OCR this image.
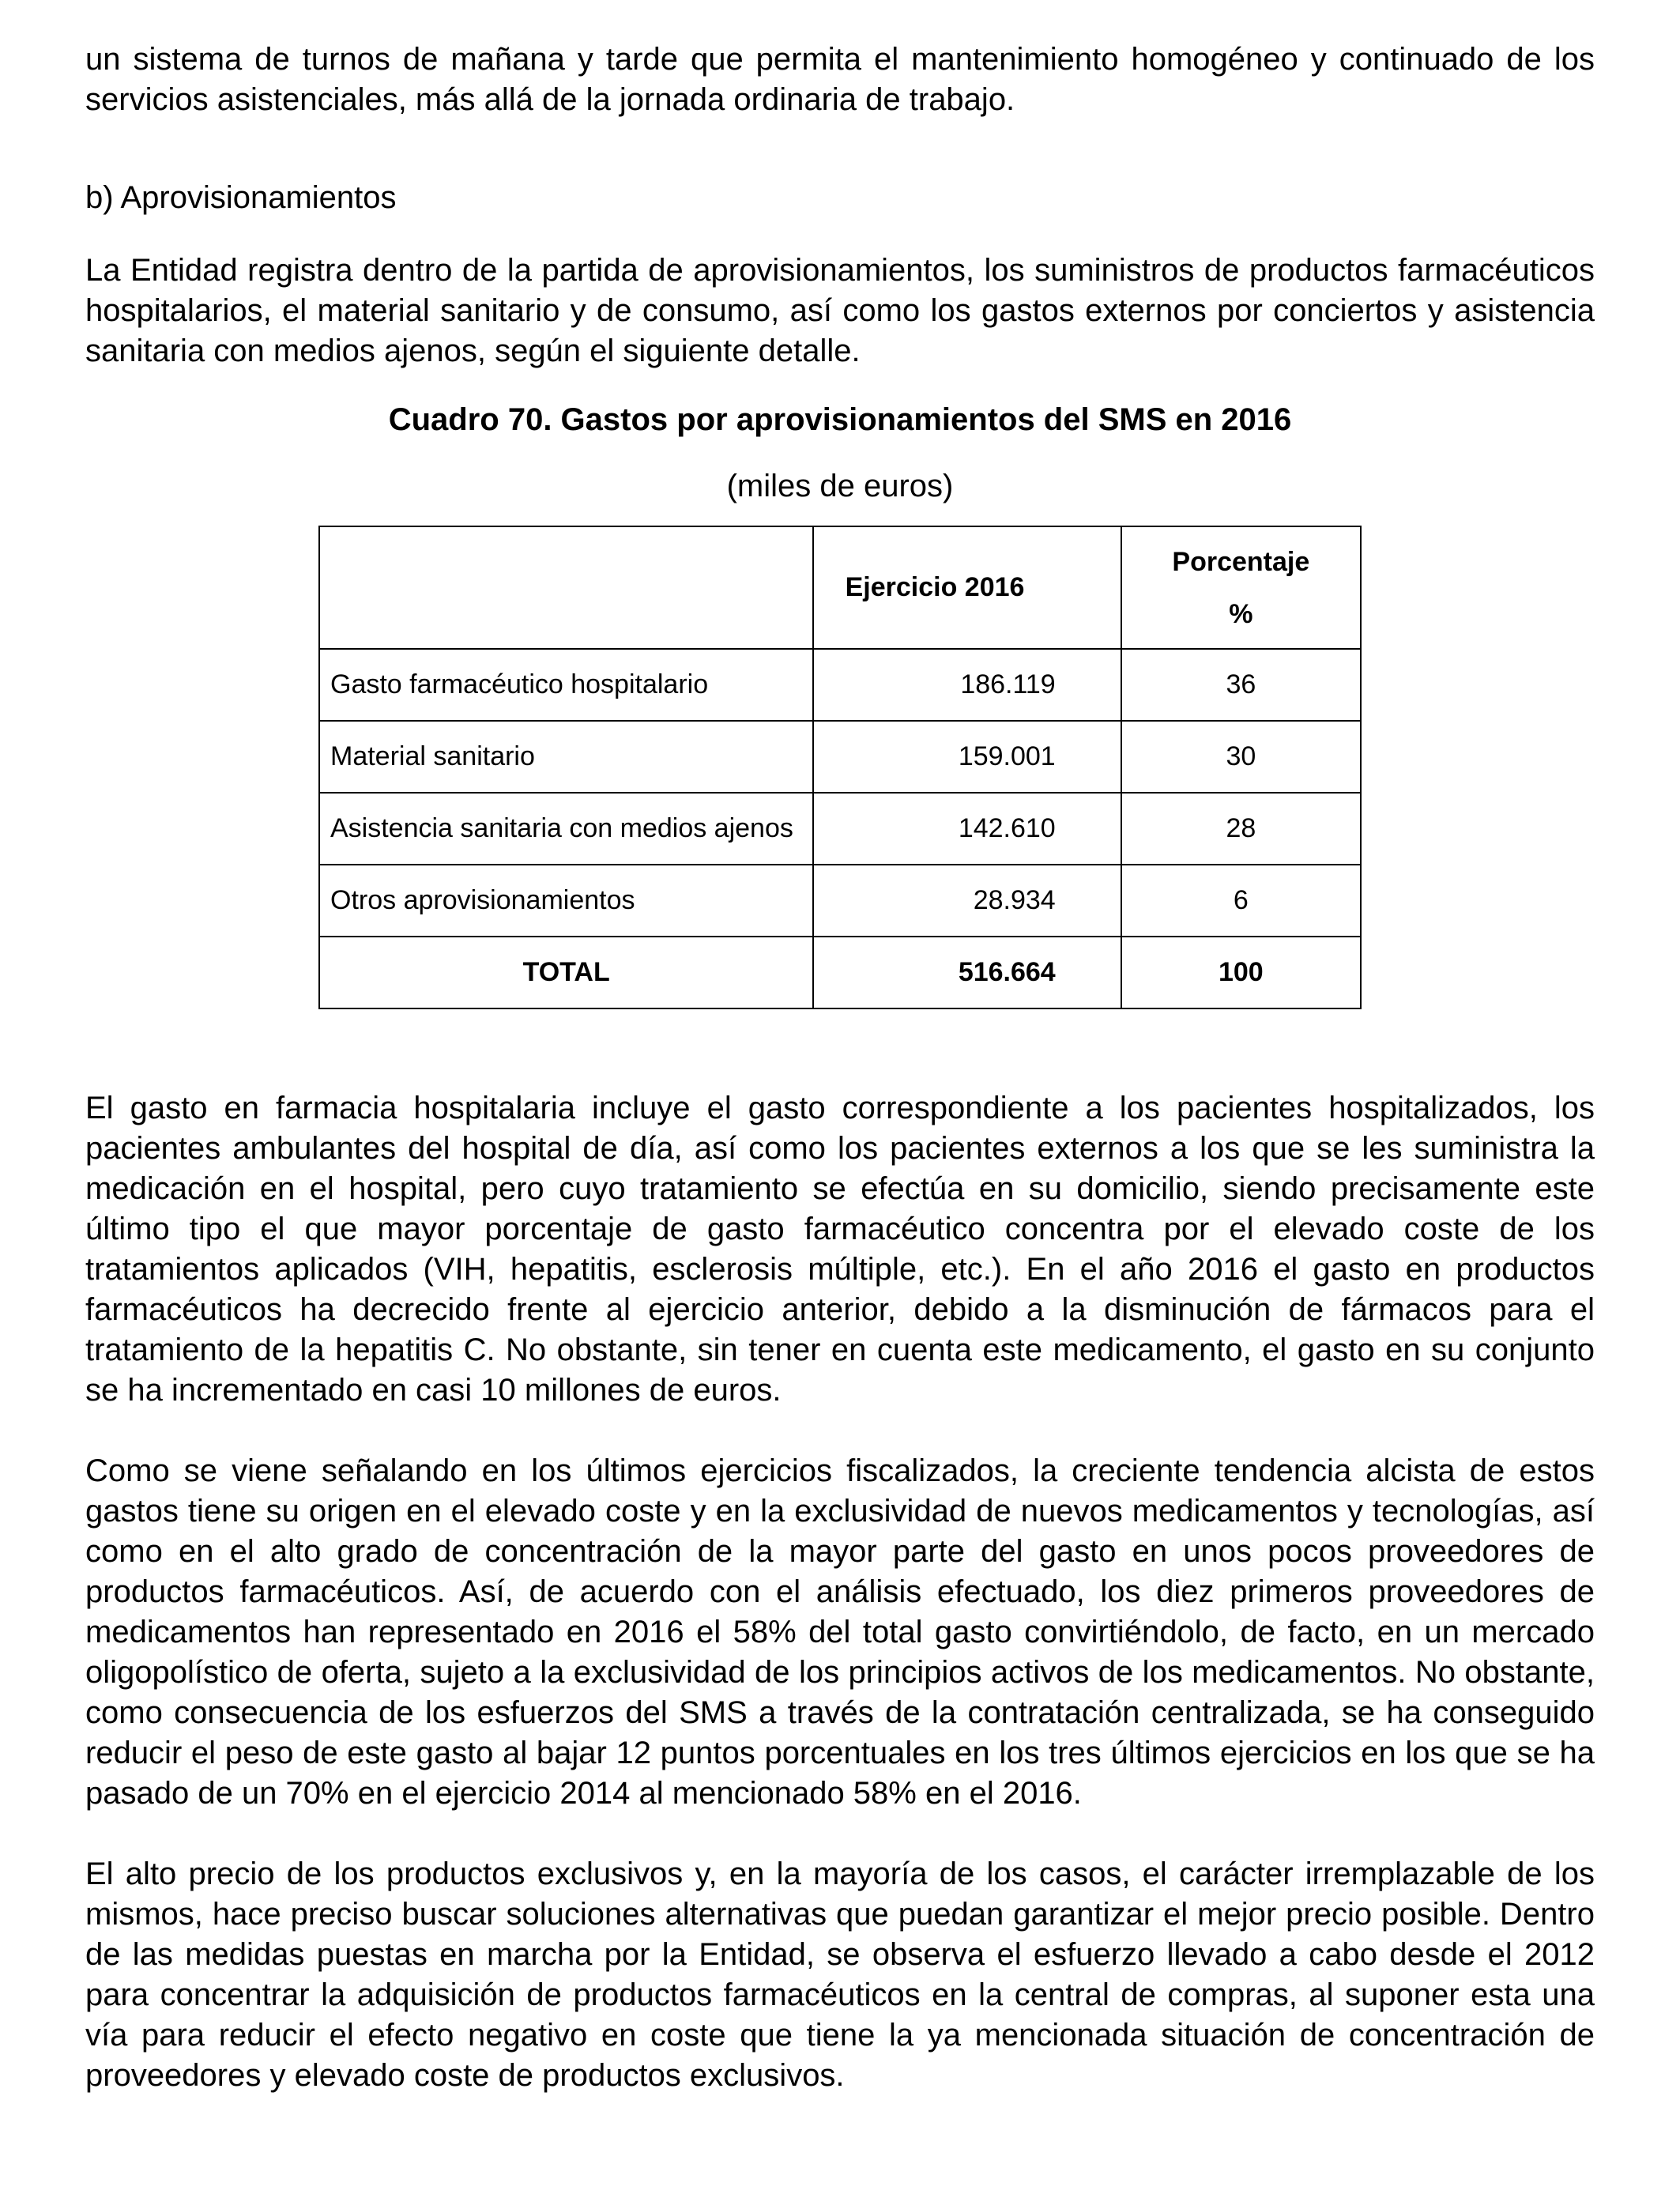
un sistema de turnos de mañana y tarde que permita el mantenimiento homogéneo y continuado de los servicios asistenciales, más allá de la jornada ordinaria de trabajo.

b) Aprovisionamientos

La Entidad registra dentro de la partida de aprovisionamientos, los suministros de productos farmacéuticos hospitalarios, el material sanitario y de consumo, así como los gastos externos por conciertos y asistencia sanitaria con medios ajenos, según el siguiente detalle.

Cuadro 70. Gastos por aprovisionamientos del SMS en 2016

(miles de euros)

	Ejercicio 2016	Porcentaje
%

Gasto farmacéutico hospitalario	186.119	36
Material sanitario	159.001	30
Asistencia sanitaria con medios ajenos	142.610	28
Otros aprovisionamientos	28.934	6
TOTAL	516.664	100

El gasto en farmacia hospitalaria incluye el gasto correspondiente a los pacientes hospitalizados, los pacientes ambulantes del hospital de día, así como los pacientes externos a los que se les suministra la medicación en el hospital, pero cuyo tratamiento se efectúa en su domicilio, siendo precisamente este último tipo el que mayor porcentaje de gasto farmacéutico concentra por el elevado coste de los tratamientos aplicados (VIH, hepatitis, esclerosis múltiple, etc.). En el año 2016 el gasto en productos farmacéuticos ha decrecido frente al ejercicio anterior, debido a la disminución de fármacos para el tratamiento de la hepatitis C. No obstante, sin tener en cuenta este medicamento, el gasto en su conjunto se ha incrementado en casi 10 millones de euros.

Como se viene señalando en los últimos ejercicios fiscalizados, la creciente tendencia alcista de estos gastos tiene su origen en el elevado coste y en la exclusividad de nuevos medicamentos y tecnologías, así como en el alto grado de concentración de la mayor parte del gasto en unos pocos proveedores de productos farmacéuticos. Así, de acuerdo con el análisis efectuado, los diez primeros proveedores de medicamentos han representado en 2016 el 58% del total gasto convirtiéndolo, de facto, en un mercado oligopolístico de oferta, sujeto a la exclusividad de los principios activos de los medicamentos. No obstante, como consecuencia de los esfuerzos del SMS a través de la contratación centralizada, se ha conseguido reducir el peso de este gasto al bajar 12 puntos porcentuales en los tres últimos ejercicios en los que se ha pasado de un 70% en el ejercicio 2014 al mencionado 58% en el 2016.

El alto precio de los productos exclusivos y, en la mayoría de los casos, el carácter irremplazable de los mismos, hace preciso buscar soluciones alternativas que puedan garantizar el mejor precio posible. Dentro de las medidas puestas en marcha por la Entidad, se observa el esfuerzo llevado a cabo desde el 2012 para concentrar la adquisición de productos farmacéuticos en la central de compras, al suponer esta una vía para reducir el efecto negativo en coste que tiene la ya mencionada situación de concentración de proveedores y elevado coste de productos exclusivos.
